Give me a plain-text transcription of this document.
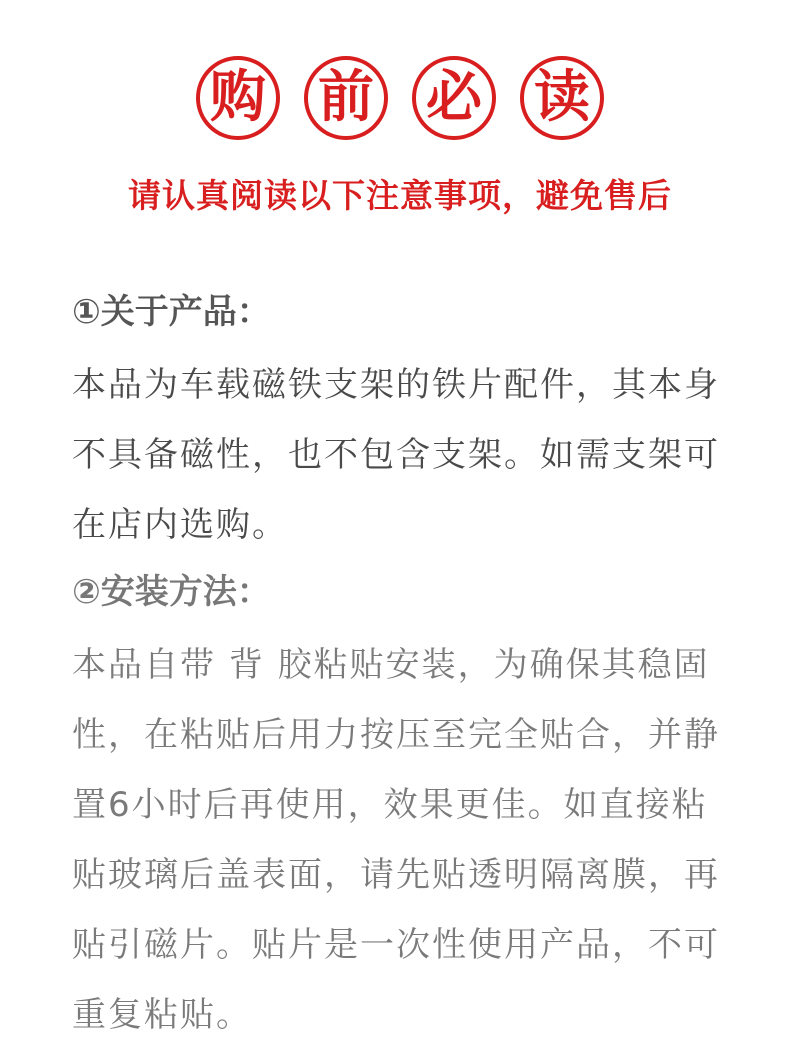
购 前 必 读
请认真阅读以下注意事项，避免售后
①关于产品：
本品为车载磁铁支架的铁片配件，其本身不具备磁性，也不包含支架。如需支架可在店内选购。
②安装方法：
本品自带 背 胶粘贴安装，为确保其稳固性，在粘贴后用力按压至完全贴合，并静置6小时后再使用，效果更佳。如直接粘贴玻璃后盖表面，请先贴透明隔离膜，再贴引磁片。贴片是一次性使用产品，不可重复粘贴。
